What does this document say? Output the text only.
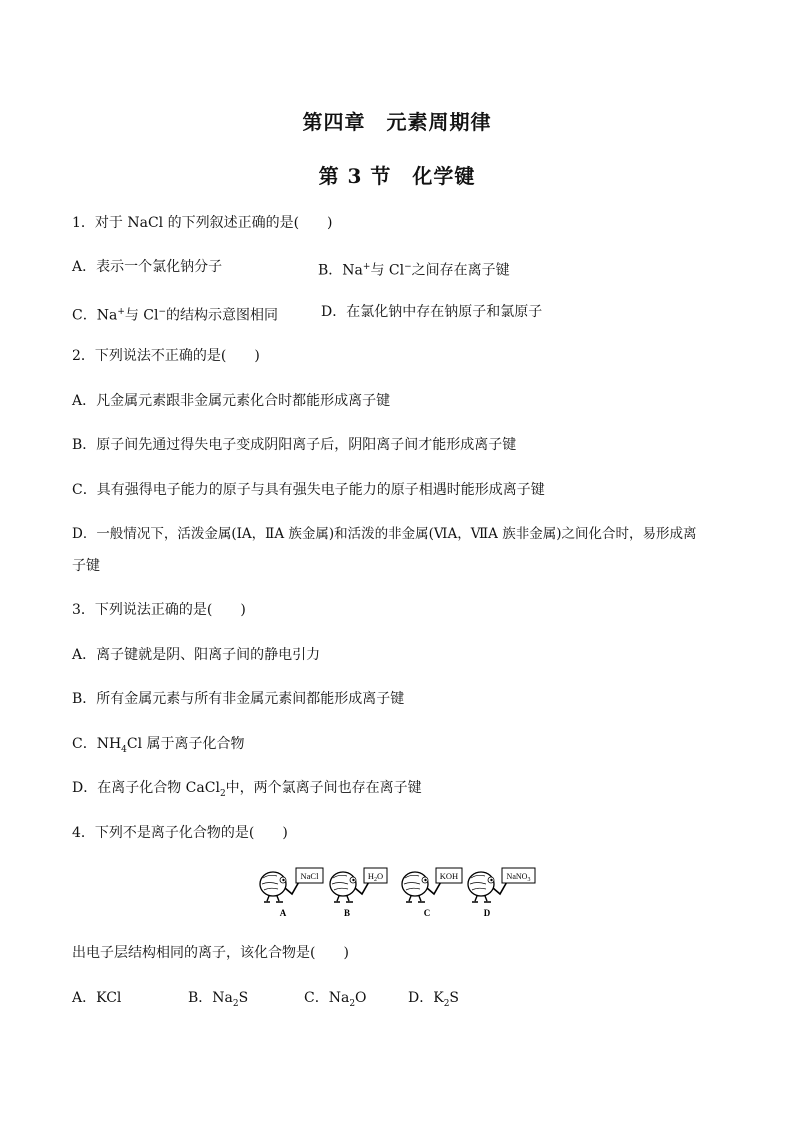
第四章　元素周期律
第 3 节　化学键
1．对于 NaCl 的下列叙述正确的是(　　)
A．表示一个氯化钠分子	B．Na+与 Cl−之间存在离子键
C．Na+与 Cl−的结构示意图相同	D．在氯化钠中存在钠原子和氯原子
2．下列说法不正确的是(　　)
A．凡金属元素跟非金属元素化合时都能形成离子键
B．原子间先通过得失电子变成阴阳离子后，阴阳离子间才能形成离子键
C．具有强得电子能力的原子与具有强失电子能力的原子相遇时能形成离子键
D．一般情况下，活泼金属(ⅠA，ⅡA 族金属)和活泼的非金属(ⅥA，ⅦA 族非金属)之间化合时，易形成离
子键
3．下列说法正确的是(　　)
A．离子键就是阴、阳离子间的静电引力
B．所有金属元素与所有非金属元素间都能形成离子键
C．$NH_4Cl$ 属于离子化合物
D．在离子化合物 CaCl$_2$中，两个氯离子间也存在离子键
4．下列不是离子化合物的是(　　)
NaCl
A
$H_2O$
B
KOH
C
NaNO$_3$
D
出电子层结构相同的离子，该化合物是(　　)
A．KCl	B．$Na_2S$	C．$Na_2O$	D．$K_2S$
